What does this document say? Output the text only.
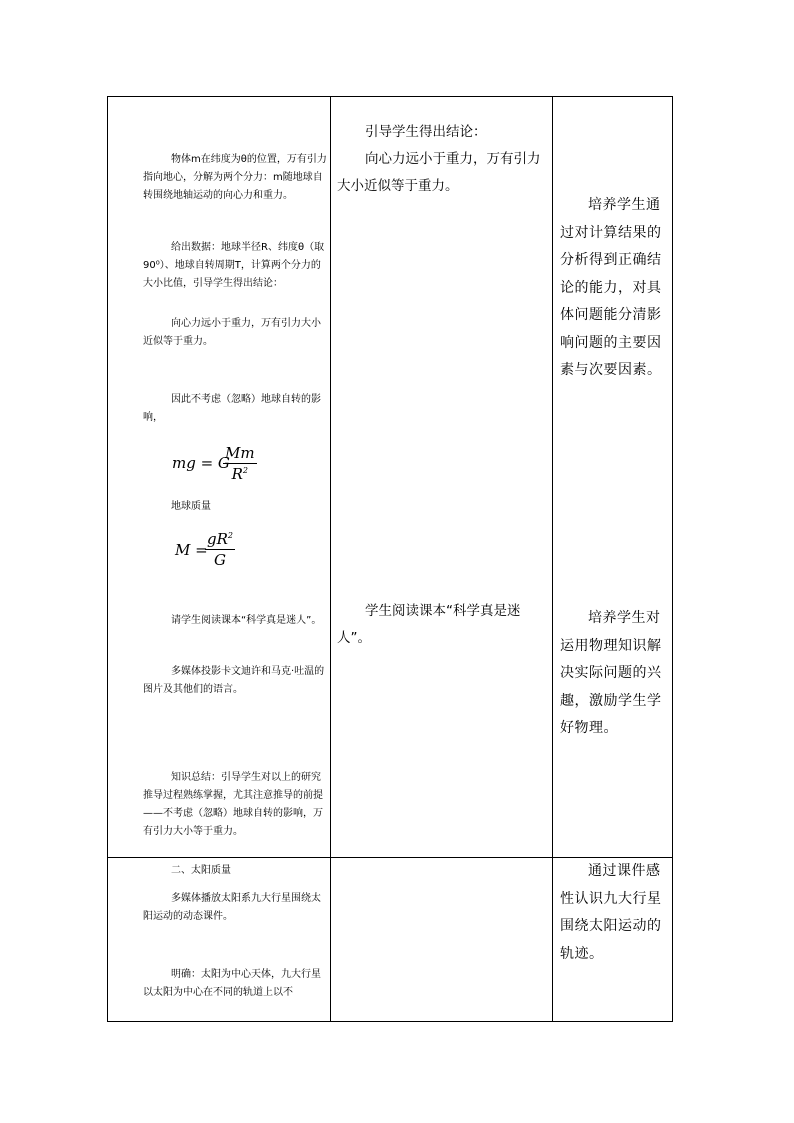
物体m在纬度为θ的位置，万有引力指向地心，分解为两个分力：m随地球自转围绕地轴运动的向心力和重力。

给出数据：地球半径R、纬度θ（取90⁰）、地球自转周期T，计算两个分力的大小比值，引导学生得出结论：

向心力远小于重力，万有引力大小近似等于重力。

因此不考虑（忽略）地球自转的影响，

mg = G
$\frac{Mm}{R^2}$

地球质量

M =
$\frac{gR^2}{G}$

请学生阅读课本“科学真是迷人”。

多媒体投影卡文迪许和马克·吐温的图片及其他们的语言。

知识总结：引导学生对以上的研究推导过程熟练掌握，尤其注意推导的前提——不考虑（忽略）地球自转的影响，万有引力大小等于重力。

引导学生得出结论：

向心力远小于重力，万有引力大小近似等于重力。

学生阅读课本“科学真是迷人”。

培养学生通过对计算结果的分析得到正确结论的能力，对具体问题能分清影响问题的主要因素与次要因素。

培养学生对运用物理知识解决实际问题的兴趣，激励学生学好物理。

二、太阳质量

多媒体播放太阳系九大行星围绕太阳运动的动态课件。

明确：太阳为中心天体，九大行星以太阳为中心在不同的轨道上以不

通过课件感性认识九大行星围绕太阳运动的轨迹。
